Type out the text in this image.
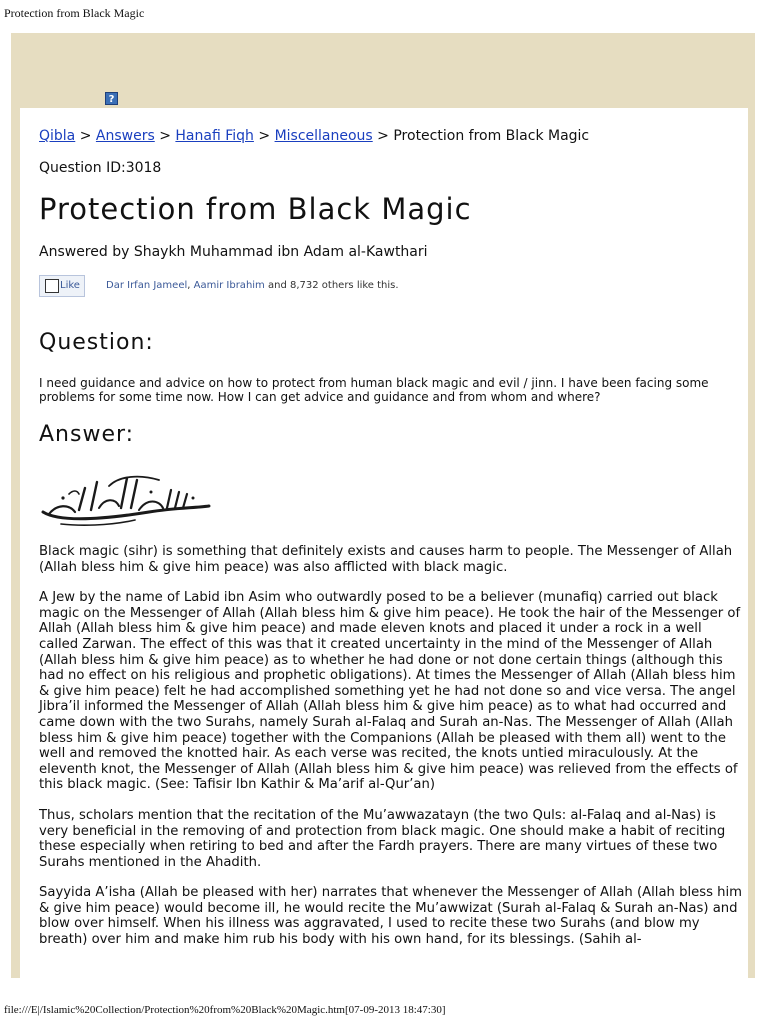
Protection from Black Magic
?
Qibla > Answers > Hanafi Fiqh > Miscellaneous > Protection from Black Magic
Question ID:3018
Protection from Black Magic
Answered by Shaykh Muhammad ibn Adam al-Kawthari
Like	Dar Irfan Jameel, Aamir Ibrahim and 8,732 others like this.
Question:

I need guidance and advice on how to protect from human black magic and evil / jinn. I have been facing some problems for some time now. How I can get advice and guidance and from whom and where?

Answer:

Black magic (sihr) is something that definitely exists and causes harm to people. The Messenger of Allah (Allah bless him & give him peace) was also afflicted with black magic.

A Jew by the name of Labid ibn Asim who outwardly posed to be a believer (munafiq) carried out black magic on the Messenger of Allah (Allah bless him & give him peace). He took the hair of the Messenger of Allah (Allah bless him & give him peace) and made eleven knots and placed it under a rock in a well called Zarwan. The effect of this was that it created uncertainty in the mind of the Messenger of Allah (Allah bless him & give him peace) as to whether he had done or not done certain things (although this had no effect on his religious and prophetic obligations). At times the Messenger of Allah (Allah bless him & give him peace) felt he had accomplished something yet he had not done so and vice versa. The angel Jibra’il informed the Messenger of Allah (Allah bless him & give him peace) as to what had occurred and came down with the two Surahs, namely Surah al-Falaq and Surah an-Nas. The Messenger of Allah (Allah bless him & give him peace) together with the Companions (Allah be pleased with them all) went to the well and removed the knotted hair. As each verse was recited, the knots untied miraculously. At the eleventh knot, the Messenger of Allah (Allah bless him & give him peace) was relieved from the effects of this black magic. (See: Tafisir Ibn Kathir & Ma’arif al-Qur’an)

Thus, scholars mention that the recitation of the Mu’awwazatayn (the two Quls: al-Falaq and al-Nas) is very beneficial in the removing of and protection from black magic. One should make a habit of reciting these especially when retiring to bed and after the Fardh prayers. There are many virtues of these two Surahs mentioned in the Ahadith.

Sayyida A’isha (Allah be pleased with her) narrates that whenever the Messenger of Allah (Allah bless him & give him peace) would become ill, he would recite the Mu’awwizat (Surah al-Falaq & Surah an-Nas) and blow over himself. When his illness was aggravated, I used to recite these two Surahs (and blow my breath) over him and make him rub his body with his own hand, for its blessings. (Sahih al-

file:///E|/Islamic%20Collection/Protection%20from%20Black%20Magic.htm[07-09-2013 18:47:30]
